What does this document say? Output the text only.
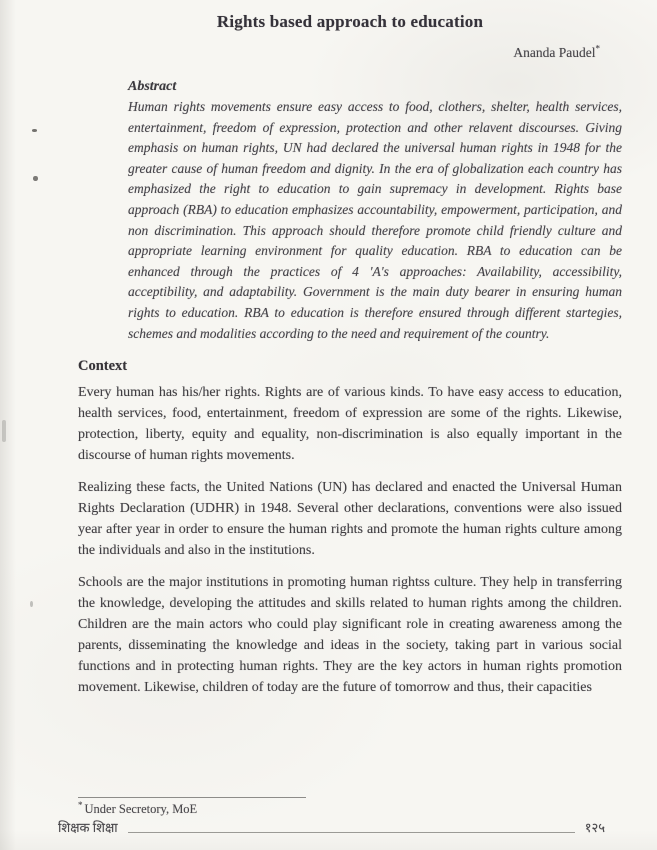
Rights based approach to education
Ananda Paudel*
Abstract

Human rights movements ensure easy access to food, clothers, shelter, health services, entertainment, freedom of expression, protection and other relavent discourses. Giving emphasis on human rights, UN had declared the universal human rights in 1948 for the greater cause of human freedom and dignity. In the era of globalization each country has emphasized the right to education to gain supremacy in development. Rights base approach (RBA) to education emphasizes accountability, empowerment, participation, and non discrimination. This approach should therefore promote child friendly culture and appropriate learning environment for quality education. RBA to education can be enhanced through the practices of 4 'A's approaches: Availability, accessibility, acceptibility, and adaptability. Government is the main duty bearer in ensuring human rights to education. RBA to education is therefore ensured through different startegies, schemes and modalities according to the need and requirement of the country.

Context

Every human has his/her rights. Rights are of various kinds. To have easy access to education, health services, food, entertainment, freedom of expression are some of the rights. Likewise, protection, liberty, equity and equality, non-discrimination is also equally important in the discourse of human rights movements.

Realizing these facts, the United Nations (UN) has declared and enacted the Universal Human Rights Declaration (UDHR) in 1948. Several other declarations, conventions were also issued year after year in order to ensure the human rights and promote the human rights culture among the individuals and also in the institutions.

Schools are the major institutions in promoting human rightss culture. They help in transferring the knowledge, developing the attitudes and skills related to human rights among the children. Children are the main actors who could play significant role in creating awareness among the parents, disseminating the knowledge and ideas in the society, taking part in various social functions and in protecting human rights. They are the key actors in human rights promotion movement. Likewise, children of today are the future of tomorrow and thus, their capacities

* Under Secretory, MoE
शिक्षक शिक्षा	१२५
